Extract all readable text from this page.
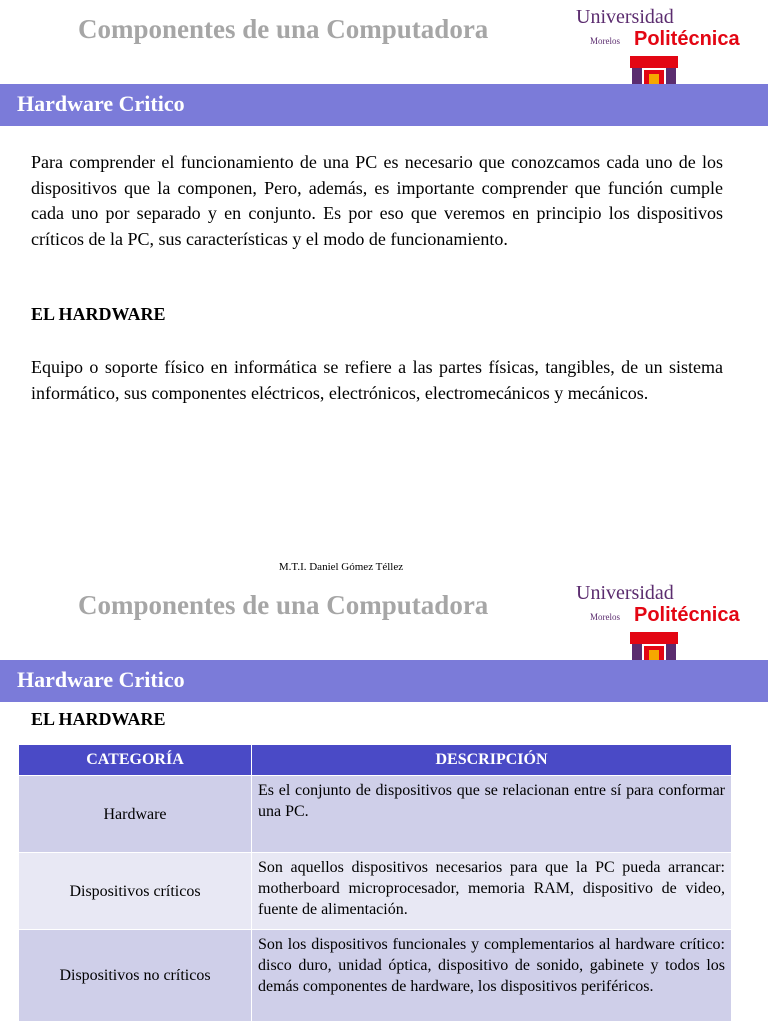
Componentes de una Computadora	Universidad
Morelos Politécnica
Hardware Critico
Para comprender el funcionamiento de una PC es necesario que conozcamos cada uno de los dispositivos que la componen, Pero, además, es importante comprender que función cumple cada uno por separado y en conjunto. Es por eso que veremos en principio los dispositivos críticos de la PC, sus características y el modo de funcionamiento.
EL HARDWARE
Equipo o soporte físico en informática se refiere a las partes físicas, tangibles, de un sistema informático, sus componentes eléctricos, electrónicos, electromecánicos y mecánicos.
M.T.I. Daniel Gómez Téllez
Componentes de una Computadora	Universidad
Morelos Politécnica
Hardware Critico
EL HARDWARE
CATEGORÍA	DESCRIPCIÓN
Hardware	Es el conjunto de dispositivos que se relacionan entre sí para conformar una PC.
Dispositivos críticos	Son aquellos dispositivos necesarios para que la PC pueda arrancar: motherboard microprocesador, memoria RAM, dispositivo de video, fuente de alimentación.
Dispositivos no críticos	Son los dispositivos funcionales y complementarios al hardware crítico: disco duro, unidad óptica, dispositivo de sonido, gabinete y todos los demás componentes de hardware, los dispositivos periféricos.
